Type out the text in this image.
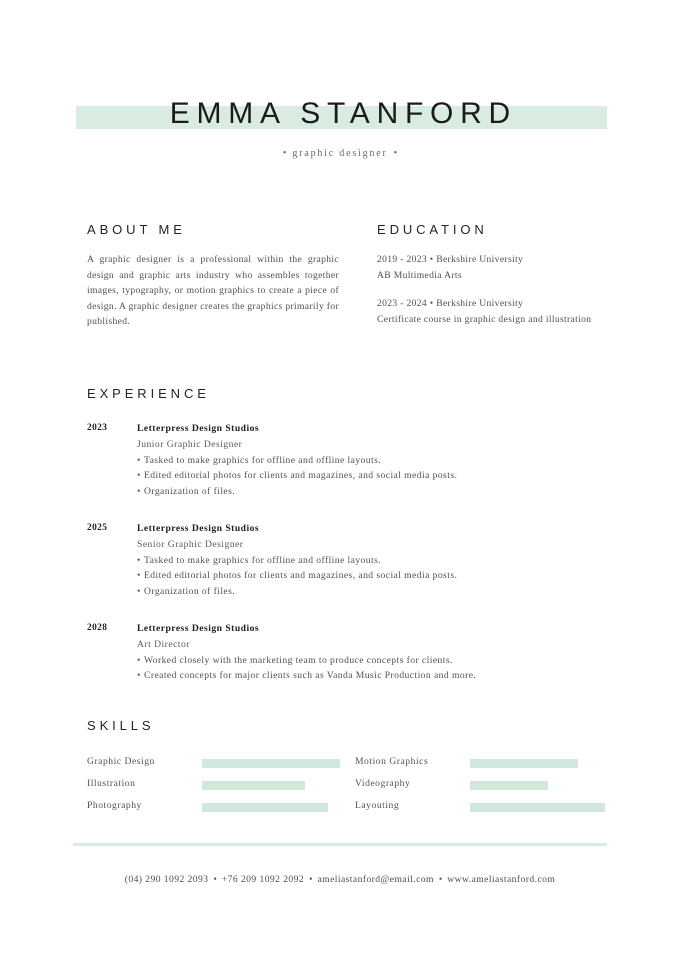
EMMA STANFORD
• graphic designer •
ABOUT ME
A graphic designer is a professional within the graphic design and graphic arts industry who assembles together images, typography, or motion graphics to create a piece of design. A graphic designer creates the graphics primarily for published.
EDUCATION
2019 - 2023 • Berkshire University
AB Multimedia Arts
2023 - 2024 • Berkshire University
Certificate course in graphic design and illustration
EXPERIENCE
2023	Letterpress Design Studios
Junior Graphic Designer
• Tasked to make graphics for offline and offline layouts.
• Edited editorial photos for clients and magazines, and social media posts.
• Organization of files.
2025	Letterpress Design Studios
Senior Graphic Designer
• Tasked to make graphics for offline and offline layouts.
• Edited editorial photos for clients and magazines, and social media posts.
• Organization of files.
2028	Letterpress Design Studios
Art Director
• Worked closely with the marketing team to produce concepts for clients.
• Created concepts for major clients such as Vanda Music Production and more.
SKILLS
Graphic Design
Illustration
Photography
Motion Graphics
Videography
Layouting
(04) 290 1092 2093 • +76 209 1092 2092 • ameliastanford@email.com • www.ameliastanford.com
